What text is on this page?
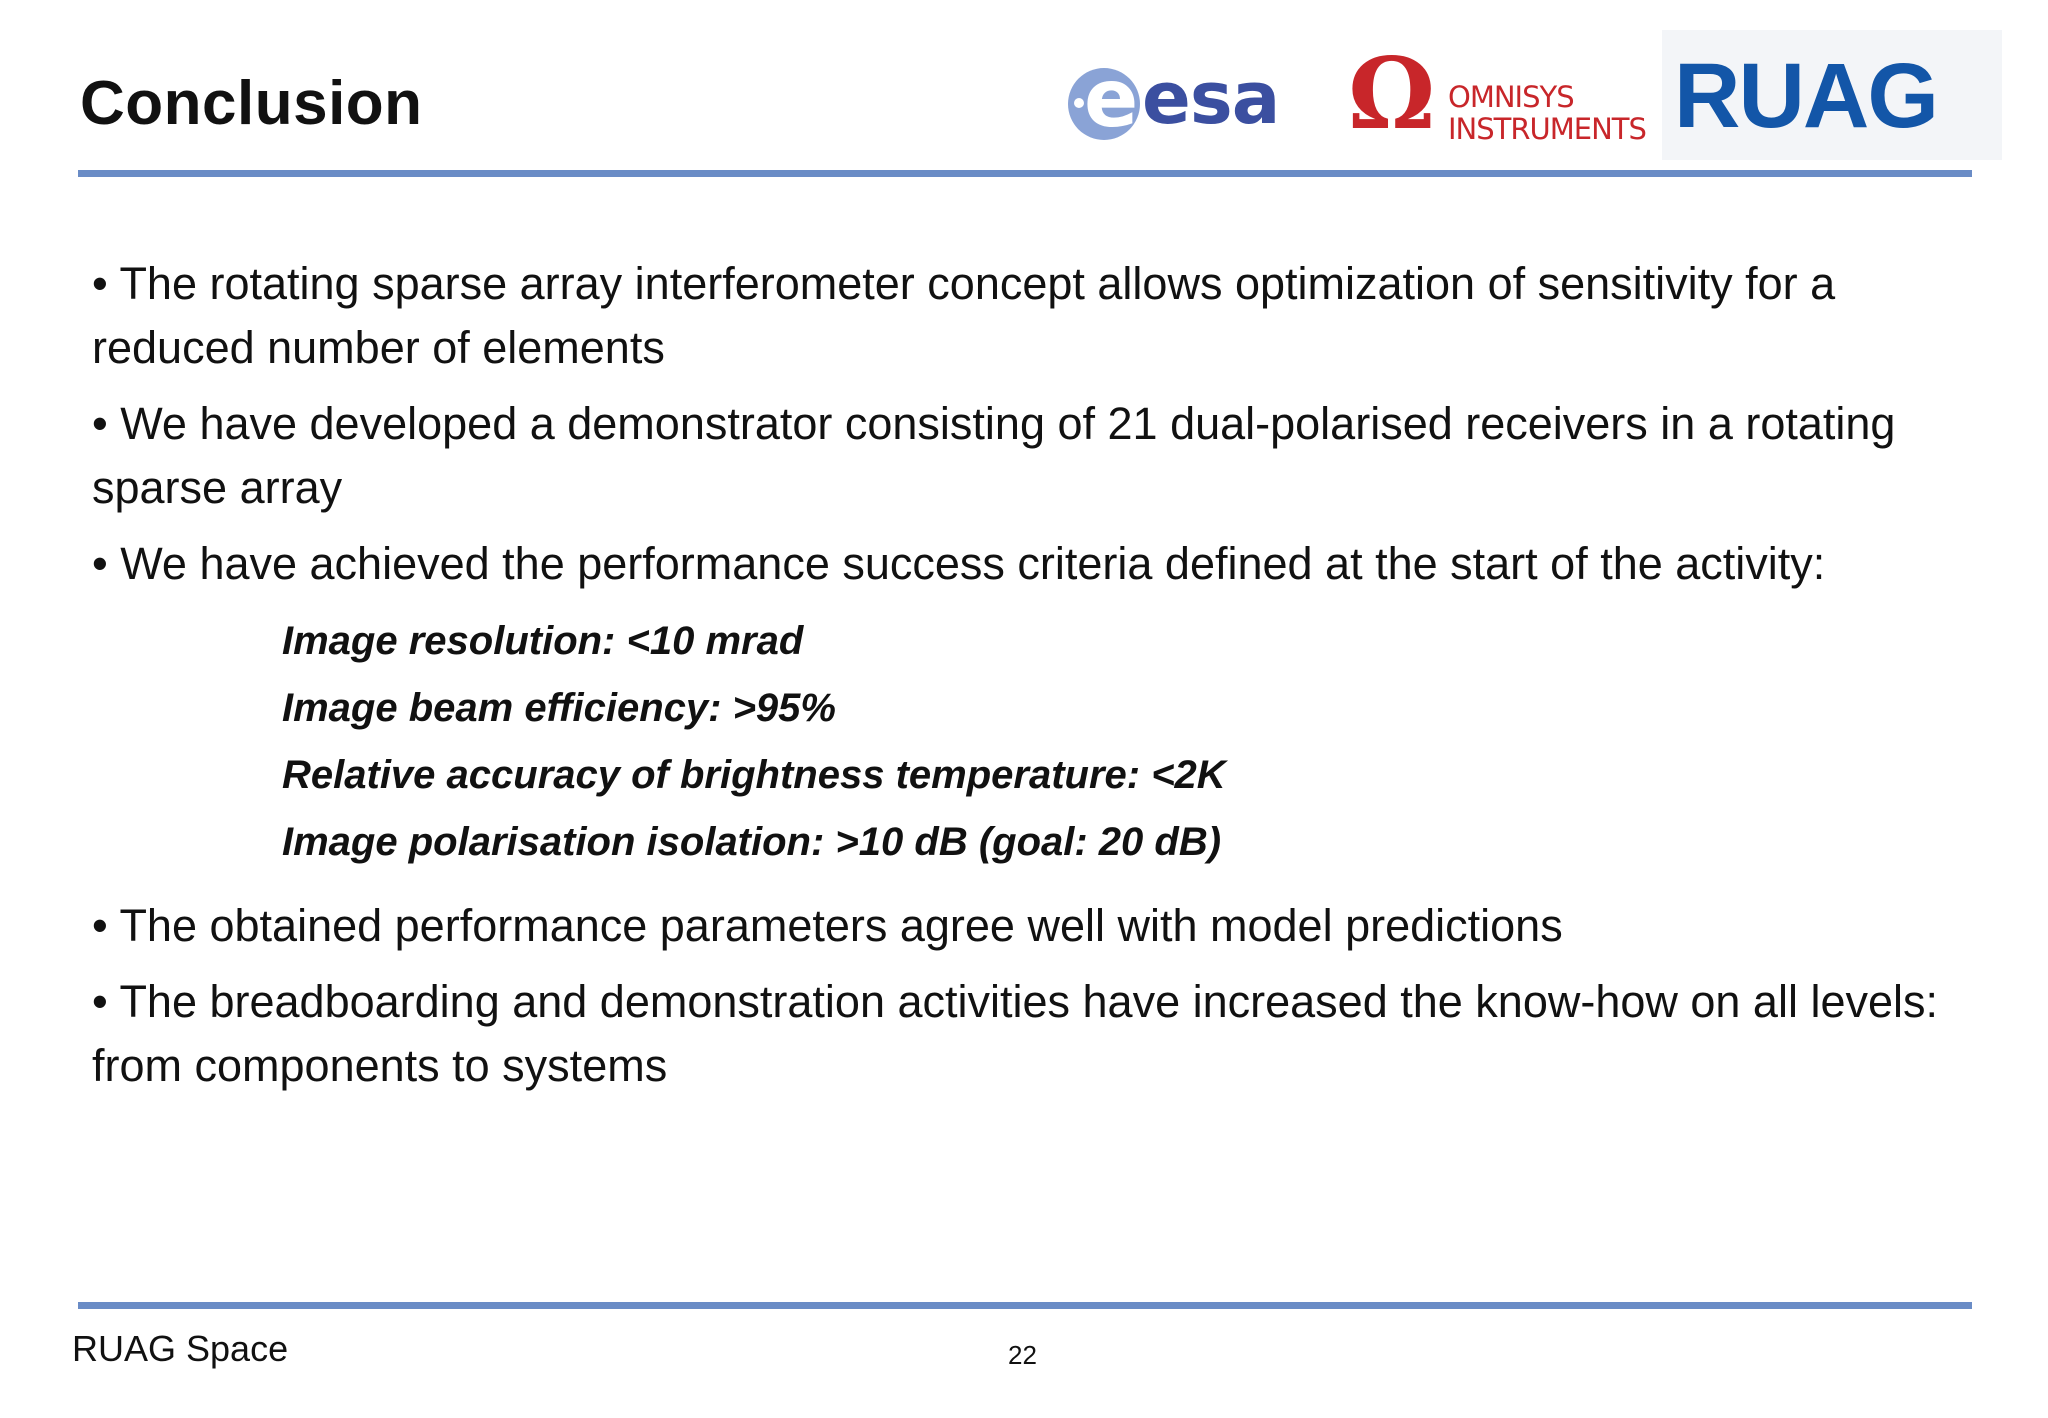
Conclusion	e esa Ω OMNISYS
INSTRUMENTS RUAG

• The rotating sparse array interferometer concept allows optimization of sensitivity for a reduced number of elements

• We have developed a demonstrator consisting of 21 dual-polarised receivers in a rotating sparse array

• We have achieved the performance success criteria defined at the start of the activity:

Image resolution: <10 mrad
Image beam efficiency: >95%
Relative accuracy of brightness temperature: <2K
Image polarisation isolation: >10 dB (goal: 20 dB)

• The obtained performance parameters agree well with model predictions

• The breadboarding and demonstration activities have increased the know-how on all levels: from components to systems

RUAG Space	22
